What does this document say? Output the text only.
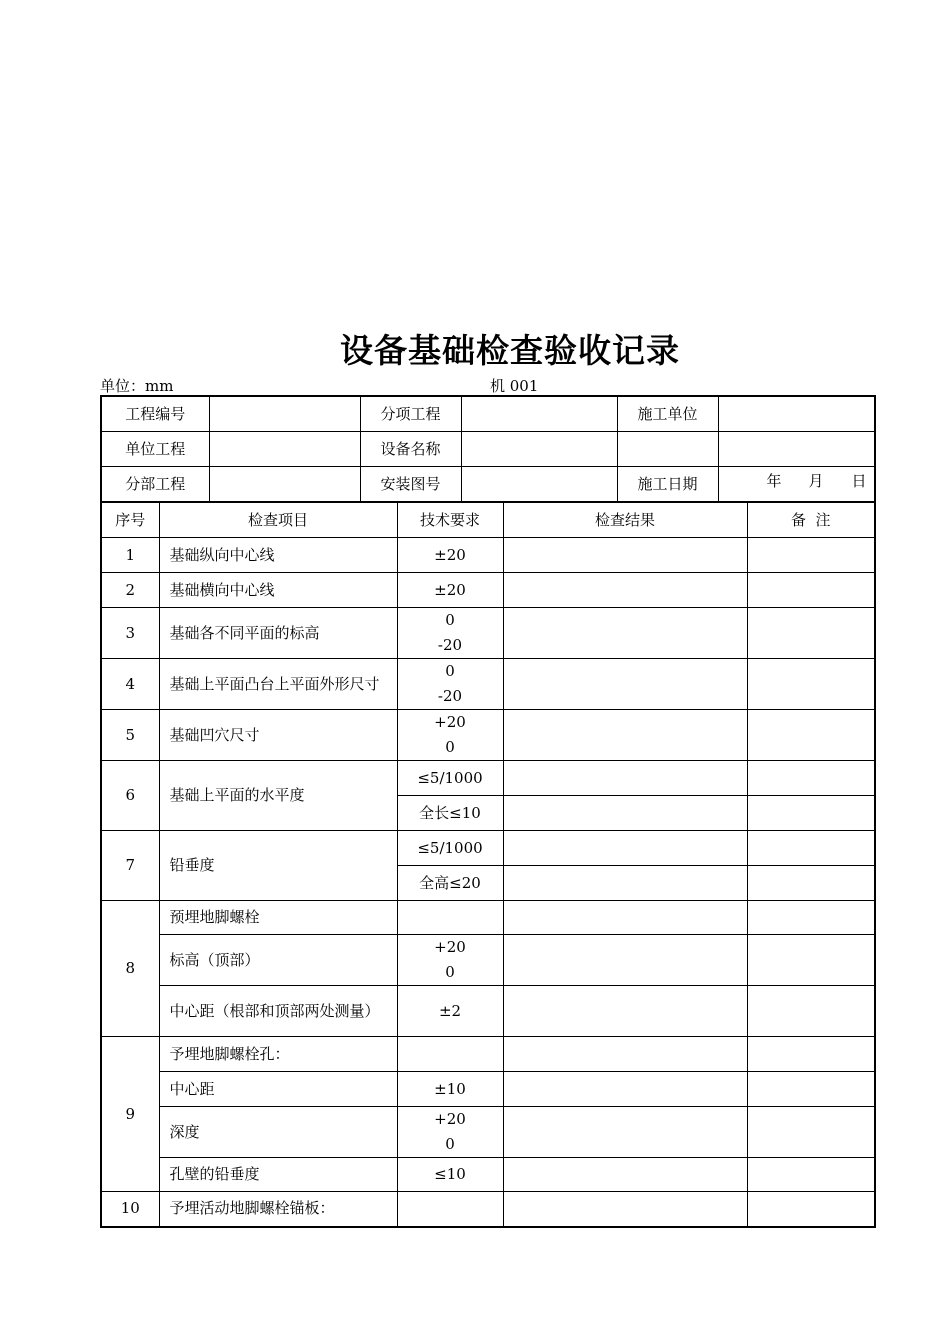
设备基础检查验收记录
单位：mm	机 001
工程编号		分项工程		施工单位	
单位工程		设备名称			
分部工程		安装图号		施工日期	年 月 日
序号	检查项目	技术要求	检查结果	备  注
1	基础纵向中心线	±20		
2	基础横向中心线	±20		
3	基础各不同平面的标高	0
-20		
4	基础上平面凸台上平面外形尺寸	0
-20		
5	基础凹穴尺寸	+20
0		
6	基础上平面的水平度	≤5/1000		
		全长≤10		
7	铅垂度	≤5/1000		
		全高≤20		
8	预埋地脚螺栓			
	标高（顶部）	+20
0		
	中心距（根部和顶部两处测量）	±2		
9	予埋地脚螺栓孔：			
	中心距	±10		
	深度	+20
0		
	孔壁的铅垂度	≤10		
10	予埋活动地脚螺栓锚板：			
